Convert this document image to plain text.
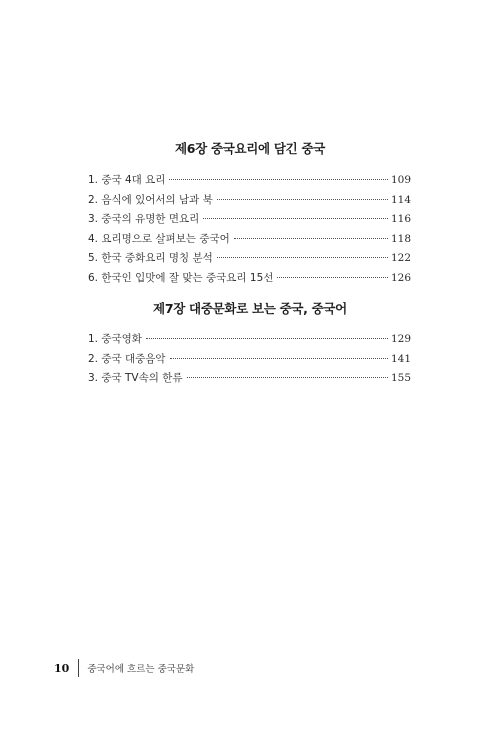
제6장 중국요리에 담긴 중국
1. 중국 4대 요리	109
2. 음식에 있어서의 남과 북	114
3. 중국의 유명한 면요리	116
4. 요리명으로 살펴보는 중국어	118
5. 한국 중화요리 명칭 분석	122
6. 한국인 입맛에 잘 맞는 중국요리 15선	126
제7장 대중문화로 보는 중국, 중국어
1. 중국영화	129
2. 중국 대중음악	141
3. 중국 TV속의 한류	155
10 중국어에 흐르는 중국문화
